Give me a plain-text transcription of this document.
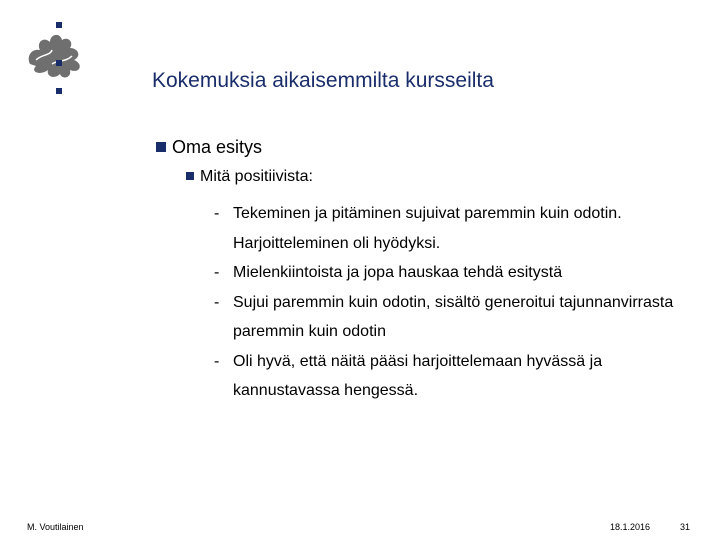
Kokemuksia aikaisemmilta kursseilta
Oma esitys
Mitä positiivista:
- Tekeminen ja pitäminen sujuivat paremmin kuin odotin. Harjoitteleminen oli hyödyksi.
- Mielenkiintoista ja jopa hauskaa tehdä esitystä
- Sujui paremmin kuin odotin, sisältö generoitui tajunnanvirrasta paremmin kuin odotin
- Oli hyvä, että näitä pääsi harjoittelemaan hyvässä ja kannustavassa hengessä.
M. Voutilainen	18.1.2016	31
